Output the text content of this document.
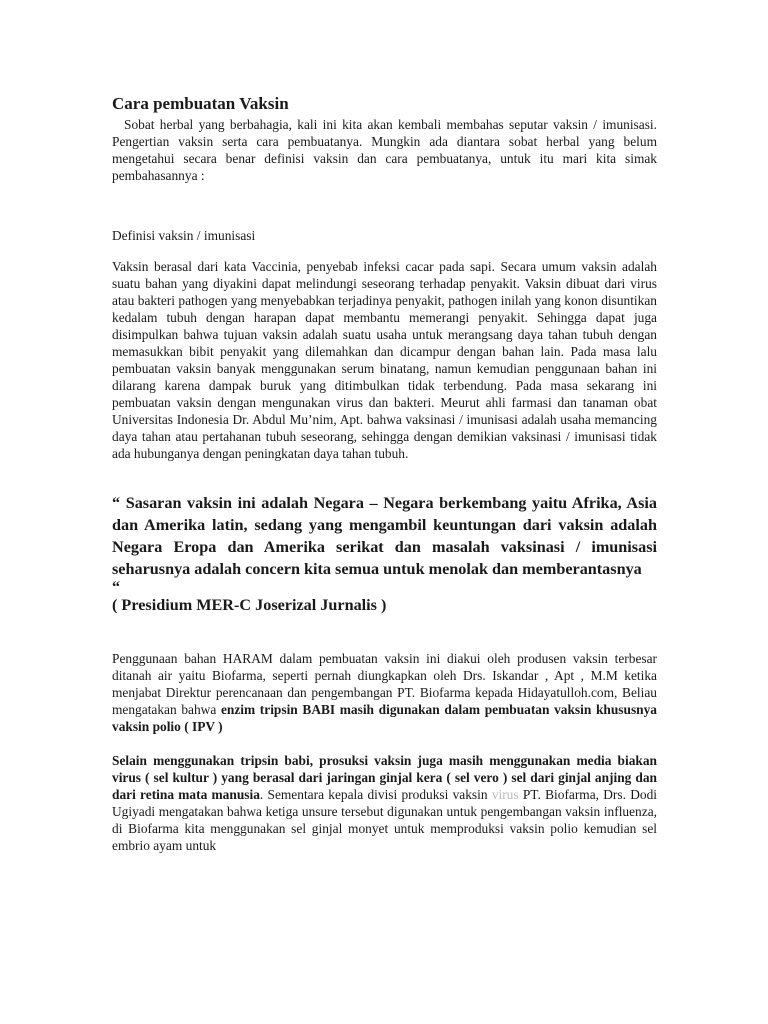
Cara pembuatan Vaksin

Sobat herbal yang berbahagia, kali ini kita akan kembali membahas seputar vaksin / imunisasi. Pengertian vaksin serta cara pembuatanya. Mungkin ada diantara sobat herbal yang belum mengetahui secara benar definisi vaksin dan cara pembuatanya, untuk itu mari kita simak pembahasannya :

Definisi vaksin / imunisasi

Vaksin berasal dari kata Vaccinia, penyebab infeksi cacar pada sapi. Secara umum vaksin adalah suatu bahan yang diyakini dapat melindungi seseorang terhadap penyakit. Vaksin dibuat dari virus atau bakteri pathogen yang menyebabkan terjadinya penyakit, pathogen inilah yang konon disuntikan kedalam tubuh dengan harapan dapat membantu memerangi penyakit. Sehingga dapat juga disimpulkan bahwa tujuan vaksin adalah suatu usaha untuk merangsang daya tahan tubuh dengan memasukkan bibit penyakit yang dilemahkan dan dicampur dengan bahan lain. Pada masa lalu pembuatan vaksin banyak menggunakan serum binatang, namun kemudian penggunaan bahan ini dilarang karena dampak buruk yang ditimbulkan tidak terbendung. Pada masa sekarang ini pembuatan vaksin dengan mengunakan virus dan bakteri. Meurut ahli farmasi dan tanaman obat Universitas Indonesia Dr. Abdul Mu’nim, Apt. bahwa vaksinasi / imunisasi adalah usaha memancing daya tahan atau pertahanan tubuh seseorang, sehingga dengan demikian vaksinasi / imunisasi tidak ada hubunganya dengan peningkatan daya tahan tubuh.

“ Sasaran vaksin ini adalah Negara – Negara berkembang yaitu Afrika, Asia dan Amerika latin, sedang yang mengambil keuntungan dari vaksin adalah Negara Eropa dan Amerika serikat dan masalah vaksinasi / imunisasi seharusnya adalah concern kita semua untuk menolak dan memberantasnya

“

( Presidium MER-C Joserizal Jurnalis )

Penggunaan bahan HARAM dalam pembuatan vaksin ini diakui oleh produsen vaksin terbesar ditanah air yaitu Biofarma, seperti pernah diungkapkan oleh Drs. Iskandar , Apt , M.M ketika menjabat Direktur perencanaan dan pengembangan PT. Biofarma kepada Hidayatulloh.com, Beliau mengatakan bahwa enzim tripsin BABI masih digunakan dalam pembuatan vaksin khususnya vaksin polio ( IPV )

Selain menggunakan tripsin babi, prosuksi vaksin juga masih menggunakan media biakan virus ( sel kultur ) yang berasal dari jaringan ginjal kera ( sel vero ) sel dari ginjal anjing dan dari retina mata manusia. Sementara kepala divisi produksi vaksin virus PT. Biofarma, Drs. Dodi Ugiyadi mengatakan bahwa ketiga unsure tersebut digunakan untuk pengembangan vaksin influenza, di Biofarma kita menggunakan sel ginjal monyet untuk memproduksi vaksin polio kemudian sel embrio ayam untuk
